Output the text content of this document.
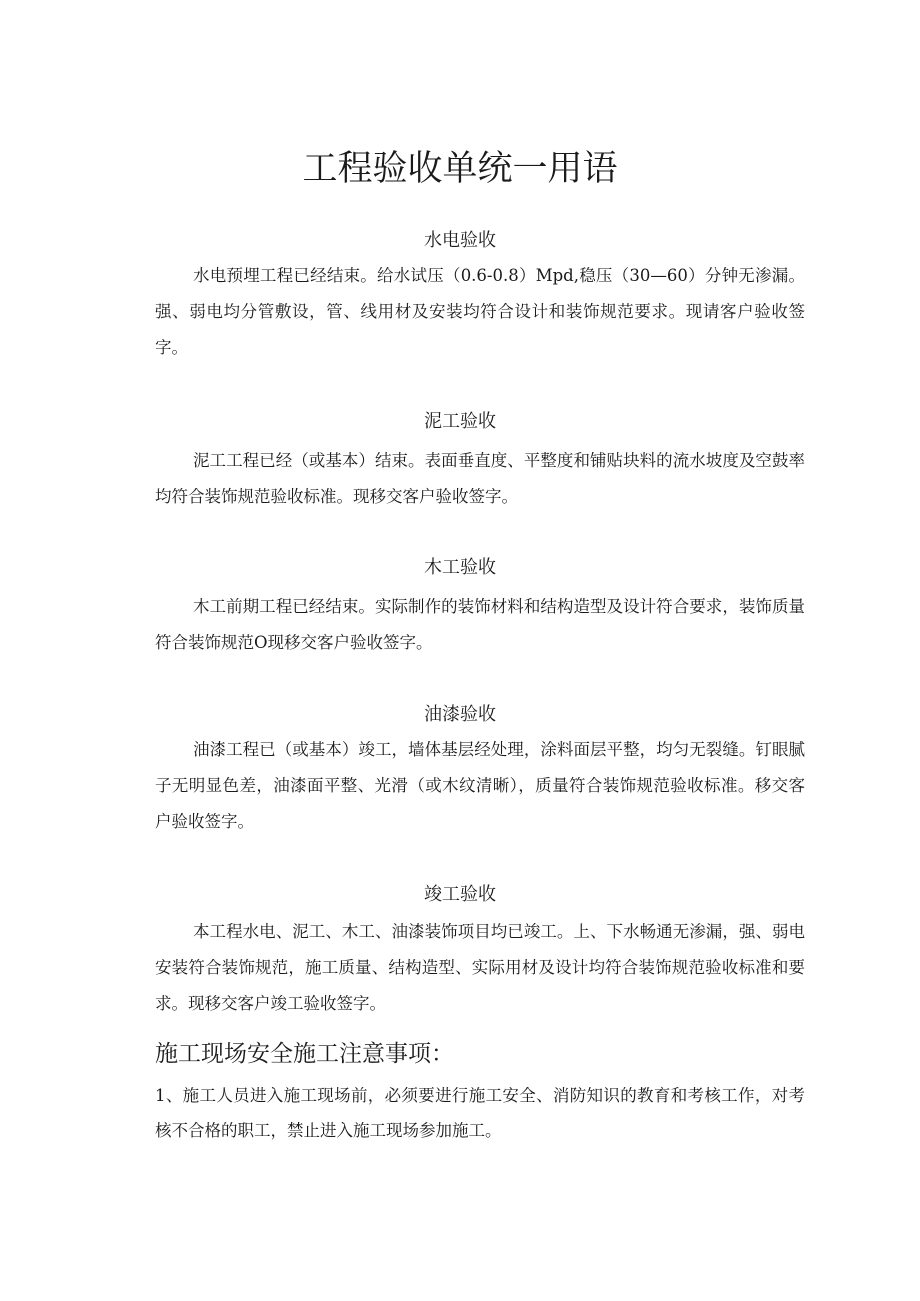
工程验收单统一用语
水电验收

水电预埋工程已经结束。给水试压（0.6-0.8）Mpd,稳压（30—60）分钟无渗漏。强、弱电均分管敷设，管、线用材及安装均符合设计和装饰规范要求。现请客户验收签字。

泥工验收

泥工工程已经（或基本）结束。表面垂直度、平整度和铺贴块料的流水坡度及空鼓率均符合装饰规范验收标准。现移交客户验收签字。

木工验收

木工前期工程已经结束。实际制作的装饰材料和结构造型及设计符合要求，装饰质量符合装饰规范O现移交客户验收签字。

油漆验收

油漆工程已（或基本）竣工，墙体基层经处理，涂料面层平整，均匀无裂缝。钉眼腻子无明显色差，油漆面平整、光滑（或木纹清晰），质量符合装饰规范验收标准。移交客户验收签字。

竣工验收

本工程水电、泥工、木工、油漆装饰项目均已竣工。上、下水畅通无渗漏，强、弱电安装符合装饰规范，施工质量、结构造型、实际用材及设计均符合装饰规范验收标准和要求。现移交客户竣工验收签字。

施工现场安全施工注意事项：

1、施工人员进入施工现场前，必须要进行施工安全、消防知识的教育和考核工作，对考核不合格的职工，禁止进入施工现场参加施工。
